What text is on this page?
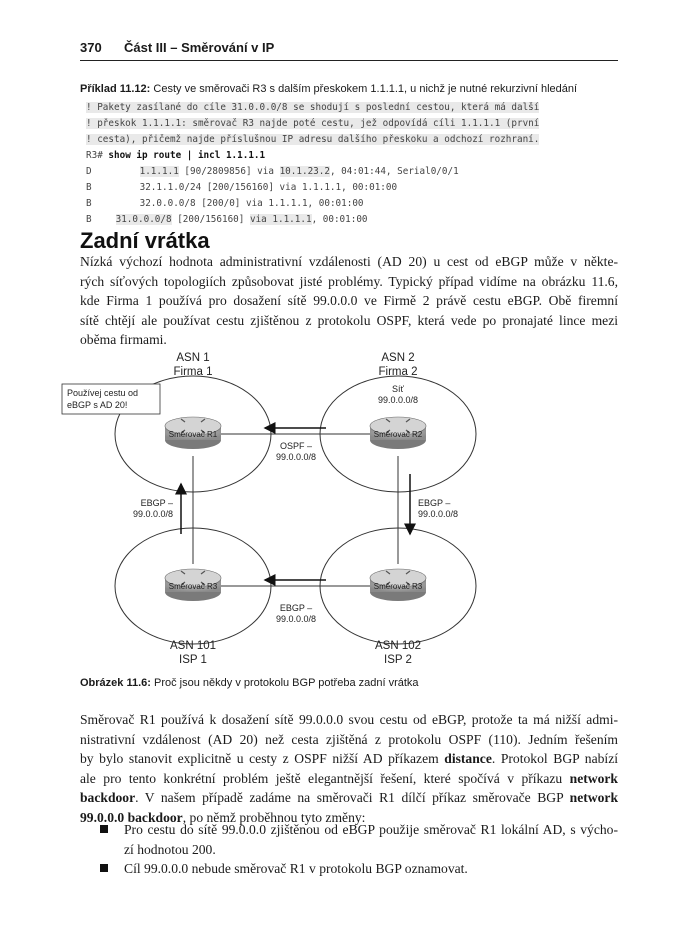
370 Část III – Směrování v IP
Příklad 11.12: Cesty ve směrovači R3 s dalším přeskokem 1.1.1.1, u nichž je nutné rekurzivní hledání
! Pakety zasílané do cíle 31.0.0.0/8 se shodují s poslední cestou, která má další
! přeskok 1.1.1.1: směrovač R3 najde poté cestu, jež odpovídá cíli 1.1.1.1 (první
! cesta), přičemž najde příslušnou IP adresu dalšího přeskoku a odchozí rozhraní.
R3# show ip route | incl 1.1.1.1
D	1.1.1.1 [90/2809856] via 10.1.23.2, 04:01:44, Serial0/0/1
B	32.1.1.0/24 [200/156160] via 1.1.1.1, 00:01:00
B	32.0.0.0/8 [200/0] via 1.1.1.1, 00:01:00
B	31.0.0.0/8 [200/156160] via 1.1.1.1, 00:01:00
Zadní vrátka
Nízká výchozí hodnota administrativní vzdálenosti (AD 20) u cest od eBGP může v někte-
rých síťových topologiích způsobovat jisté problémy. Typický případ vidíme na obrázku 11.6,
kde Firma 1 používá pro dosažení sítě 99.0.0.0 ve Firmě 2 právě cestu eBGP. Obě firemní
sítě chtějí ale používat cestu zjištěnou z protokolu OSPF, která vede po pronajaté lince mezi
oběma firmami.
Směrovač R1	Směrovač R2
Směrovač R3	Směrovač R3
ASN 1
Firma 1
ASN 2
Firma 2
ASN 101
ISP 1
ASN 102
ISP 2
Používej cestu od
eBGP s AD 20!
Síť
99.0.0.0/8
OSPF –
99.0.0.0/8
EBGP –
99.0.0.0/8
EBGP –
99.0.0.0/8
EBGP –
99.0.0.0/8
Obrázek 11.6: Proč jsou někdy v protokolu BGP potřeba zadní vrátka
Směrovač R1 používá k dosažení sítě 99.0.0.0 svou cestu od eBGP, protože ta má nižší admi-
nistrativní vzdálenost (AD 20) než cesta zjištěná z protokolu OSPF (110). Jedním řešením
by bylo stanovit explicitně u cesty z OSPF nižší AD příkazem distance. Protokol BGP nabízí
ale pro tento konkrétní problém ještě elegantnější řešení, které spočívá v příkazu network
backdoor. V našem případě zadáme na směrovači R1 dílčí příkaz směrovače BGP network
99.0.0.0 backdoor, po němž proběhnou tyto změny:
Pro cestu do sítě 99.0.0.0 zjištěnou od eBGP použije směrovač R1 lokální AD, s výcho-
zí hodnotou 200.
Cíl 99.0.0.0 nebude směrovač R1 v protokolu BGP oznamovat.
